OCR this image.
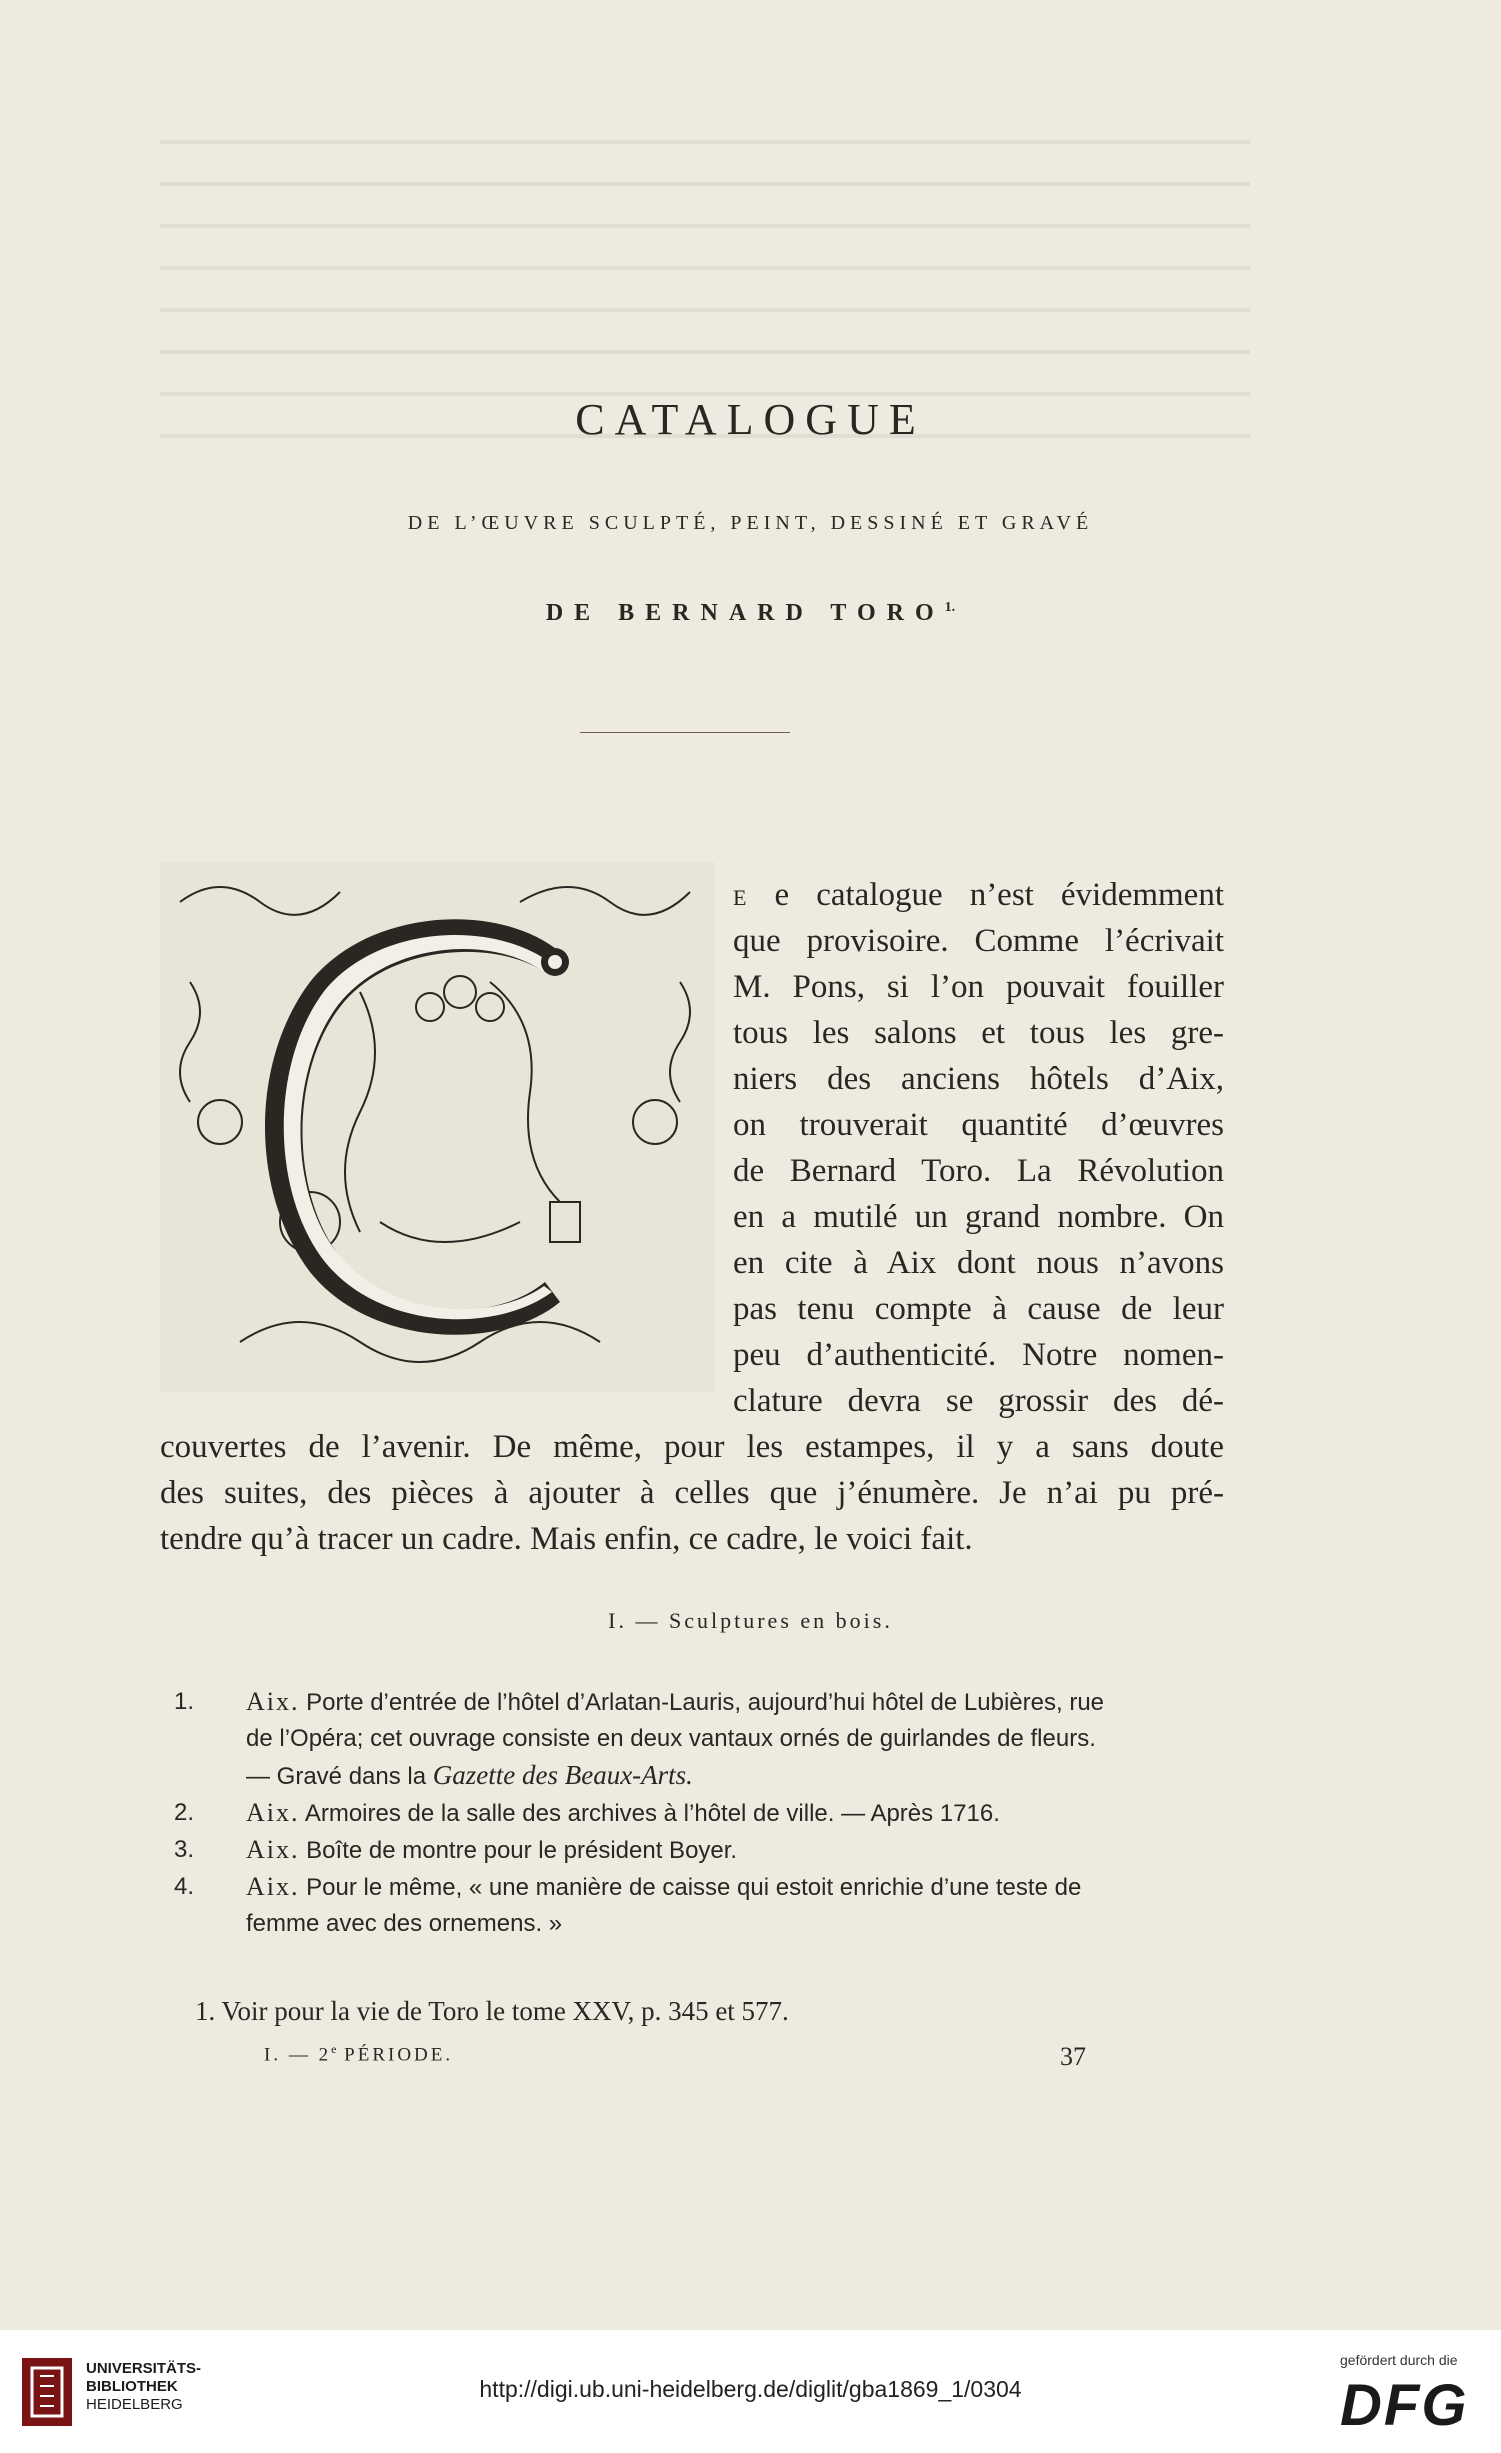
CATALOGUE
DE L’ŒUVRE SCULPTÉ, PEINT, DESSINÉ ET GRAVÉ
DE BERNARD $TORO^{1.}$
E e catalogue n’est évidemment
que provisoire. Comme l’écrivait
M. Pons, si l’on pouvait fouiller
tous les salons et tous les gre-
niers des anciens hôtels d’Aix,
on trouverait quantité d’œuvres
de Bernard Toro. La Révolution
en a mutilé un grand nombre. On
en cite à Aix dont nous n’avons
pas tenu compte à cause de leur
peu d’authenticité. Notre nomen-
clature devra se grossir des dé-
couvertes de l’avenir. De même, pour les estampes, il y a sans doute
des suites, des pièces à ajouter à celles que j’énumère. Je n’ai pu pré-
tendre qu’à tracer un cadre. Mais enfin, ce cadre, le voici fait.
I. — Sculptures en bois.
1. Aix. Porte d’entrée de l’hôtel d’Arlatan-Lauris, aujourd’hui hôtel de Lubières, rue
de l’Opéra; cet ouvrage consiste en deux vantaux ornés de guirlandes de fleurs.
— Gravé dans la Gazette des Beaux-Arts.
2. Aix. Armoires de la salle des archives à l’hôtel de ville. — Après 1716.
3. Aix. Boîte de montre pour le président Boyer.
4. Aix. Pour le même, « une manière de caisse qui estoit enrichie d’une teste de
femme avec des ornemens. »
1. Voir pour la vie de Toro le tome XXV, p. 345 et 577.
I. — 2e PÉRIODE.	37
UNIVERSITÄTS-
BIBLIOTHEK
HEIDELBERG
http://digi.ub.uni-heidelberg.de/diglit/gba1869_1/0304
gefördert durch die
DFG
